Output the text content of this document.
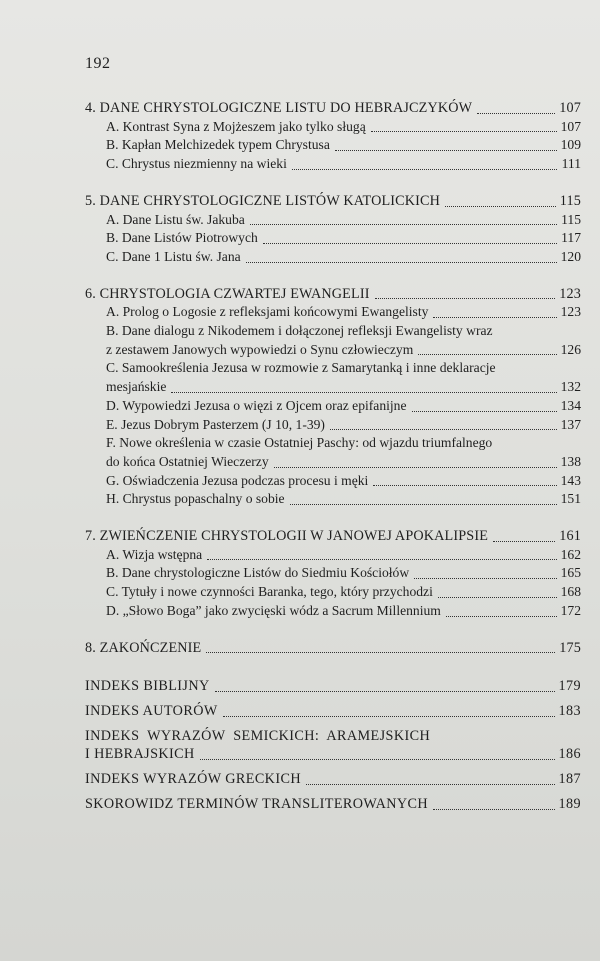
192
4. DANE CHRYSTOLOGICZNE LISTU DO HEBRAJCZYKÓW	107
A. Kontrast Syna z Mojżeszem jako tylko sługą	107
B. Kapłan Melchizedek typem Chrystusa	109
C. Chrystus niezmienny na wieki	111
5. DANE CHRYSTOLOGICZNE LISTÓW KATOLICKICH	115
A. Dane Listu św. Jakuba	115
B. Dane Listów Piotrowych	117
C. Dane 1 Listu św. Jana	120
6. CHRYSTOLOGIA CZWARTEJ EWANGELII	123
A. Prolog o Logosie z refleksjami końcowymi Ewangelisty	123
B. Dane dialogu z Nikodemem i dołączonej refleksji Ewangelisty wraz
z zestawem Janowych wypowiedzi o Synu człowieczym	126
C. Samookreślenia Jezusa w rozmowie z Samarytanką i inne deklaracje
mesjańskie	132
D. Wypowiedzi Jezusa o więzi z Ojcem oraz epifanijne	134
E. Jezus Dobrym Pasterzem (J 10, 1-39)	137
F. Nowe określenia w czasie Ostatniej Paschy: od wjazdu triumfalnego
do końca Ostatniej Wieczerzy	138
G. Oświadczenia Jezusa podczas procesu i męki	143
H. Chrystus popaschalny o sobie	151
7. ZWIEŃCZENIE CHRYSTOLOGII W JANOWEJ APOKALIPSIE	161
A. Wizja wstępna	162
B. Dane chrystologiczne Listów do Siedmiu Kościołów	165
C. Tytuły i nowe czynności Baranka, tego, który przychodzi	168
D. „Słowo Boga” jako zwycięski wódz a Sacrum Millennium	172
8. ZAKOŃCZENIE	175
INDEKS BIBLIJNY	179
INDEKS AUTORÓW	183
INDEKS WYRAZÓW SEMICKICH: ARAMEJSKICH
I HEBRAJSKICH	186
INDEKS WYRAZÓW GRECKICH	187
SKOROWIDZ TERMINÓW TRANSLITEROWANYCH	189
